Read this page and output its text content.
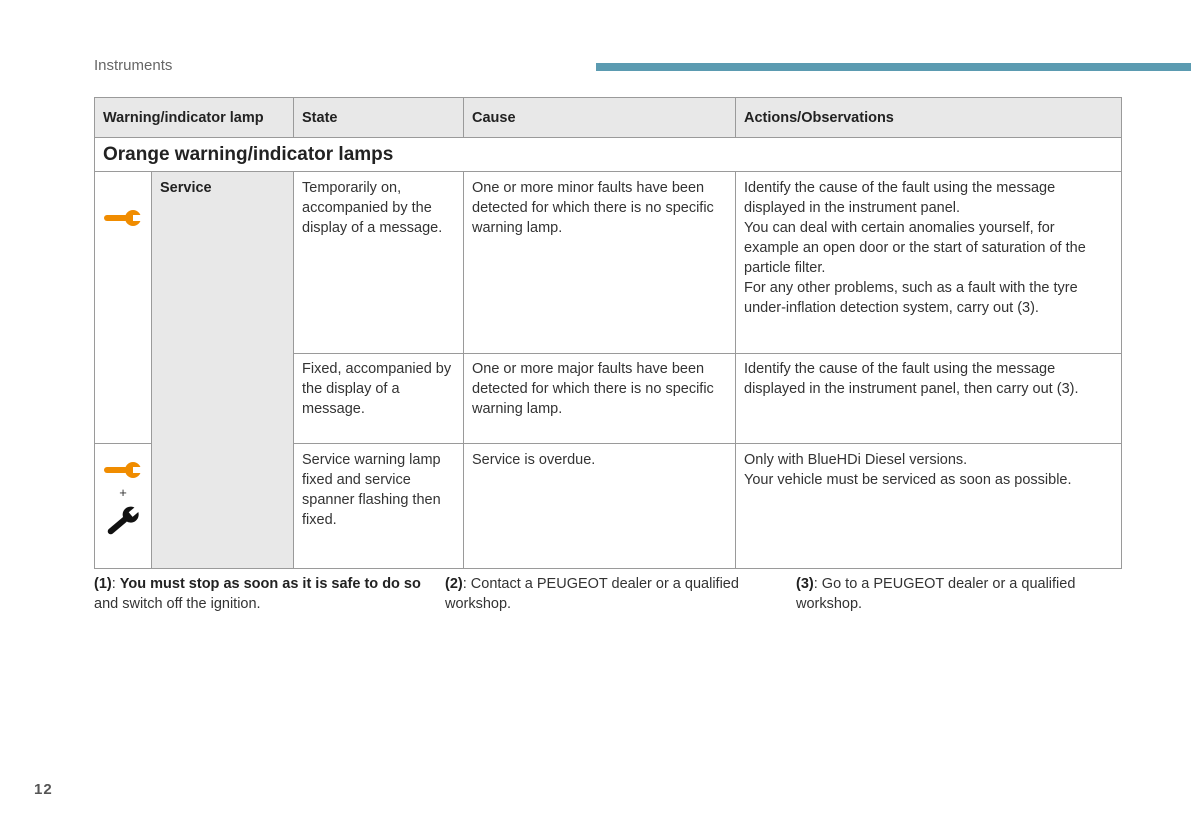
Instruments
Warning/indicator lamp		State	Cause	Actions/Observations
Orange warning/indicator lamps				

	Service	Temporarily on, accompanied by the display of a message.	One or more minor faults have been detected for which there is no specific warning lamp.	Identify the cause of the fault using the message displayed in the instrument panel.
You can deal with certain anomalies yourself, for example an open door or the start of saturation of the particle filter.
For any other problems, such as a fault with the tyre under-inflation detection system, carry out (3).

		Fixed, accompanied by the display of a message.	One or more major faults have been detected for which there is no specific warning lamp.	Identify the cause of the fault using the message displayed in the instrument panel, then carry out (3).

+		Service warning lamp fixed and service spanner flashing then fixed.	Service is overdue.	Only with BlueHDi Diesel versions.
Your vehicle must be serviced as soon as possible.
(1): You must stop as soon as it is safe to do so and switch off the ignition.
(2): Contact a PEUGEOT dealer or a qualified workshop.
(3): Go to a PEUGEOT dealer or a qualified workshop.
12
